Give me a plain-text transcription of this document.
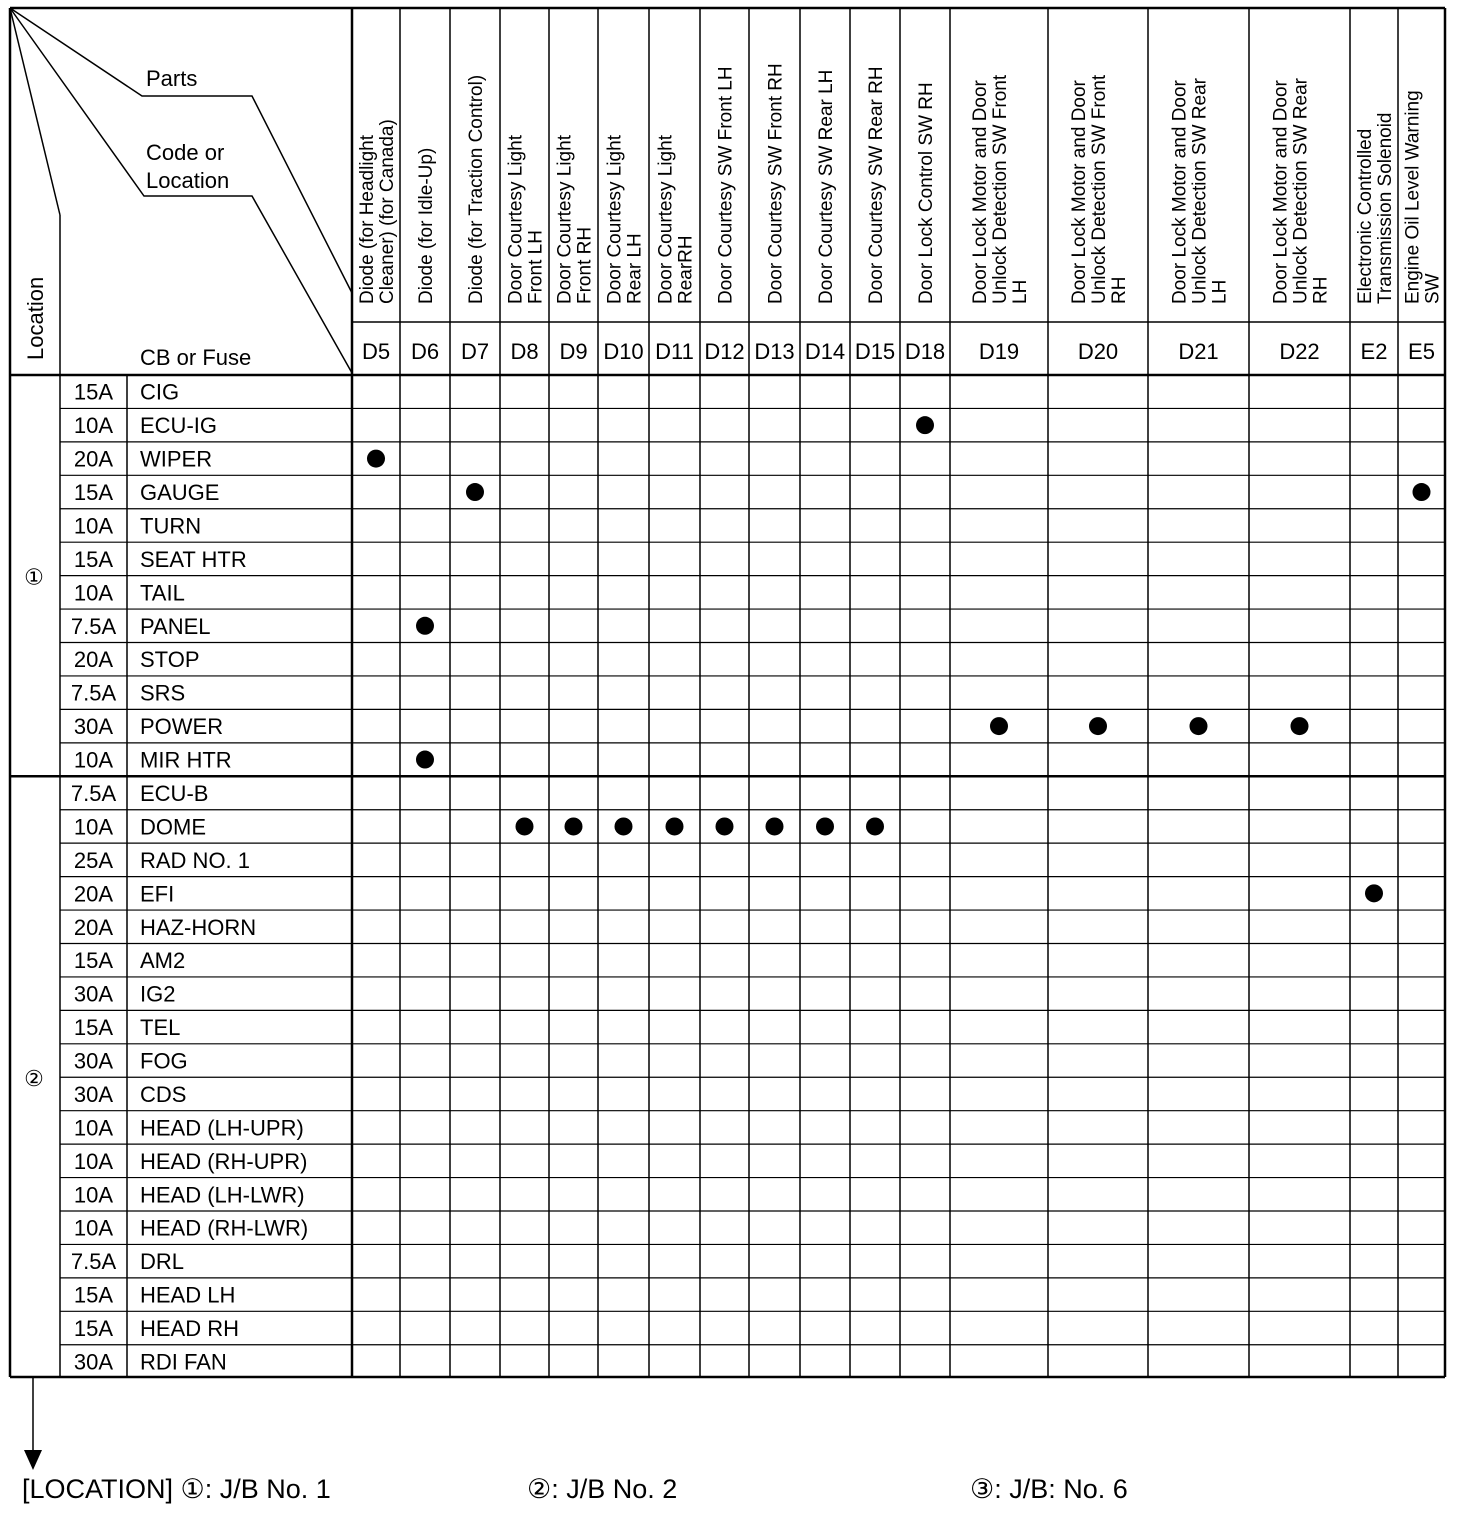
Parts
Code or
Location
CB or Fuse
Location
Diode (for Headlight Cleaner) (for Canada)
D5
Diode (for Idle-Up)
D6
Diode (for Traction Control)
D7
Door Courtesy Light Front LH
D8
Door Courtesy Light Front RH
D9
Door Courtesy Light Rear LH
D10
Door Courtesy Light RearRH
D11
Door Courtesy SW Front LH
D12
Door Courtesy SW Front RH
D13
Door Courtesy SW Rear LH
D14
Door Courtesy SW Rear RH
D15
Door Lock Control SW RH
D18
Door Lock Motor and Door Unlock Detection SW Front LH
D19
Door Lock Motor and Door Unlock Detection SW Front RH
D20
Door Lock Motor and Door Unlock Detection SW Rear LH
D21
Door Lock Motor and Door Unlock Detection SW Rear RH
D22
Electronic Controlled Transmission Solenoid
E2
Engine Oil Level Warning SW
E5
15A CIG
10A ECU-IG
20A WIPER
15A GAUGE
10A TURN
15A SEAT HTR
10A TAIL
7.5A PANEL
20A STOP
7.5A SRS
30A POWER
10A MIR HTR
7.5A ECU-B
10A DOME
25A RAD NO. 1
20A EFI
20A HAZ-HORN
15A AM2
30A IG2
15A TEL
30A FOG
30A CDS
10A HEAD (LH-UPR)
10A HEAD (RH-UPR)
10A HEAD (LH-LWR)
10A HEAD (RH-LWR)
7.5A DRL
15A HEAD LH
15A HEAD RH
30A RDI FAN
①
②
[LOCATION] ①: J/B No. 1	②: J/B No. 2	③: J/B: No. 6
